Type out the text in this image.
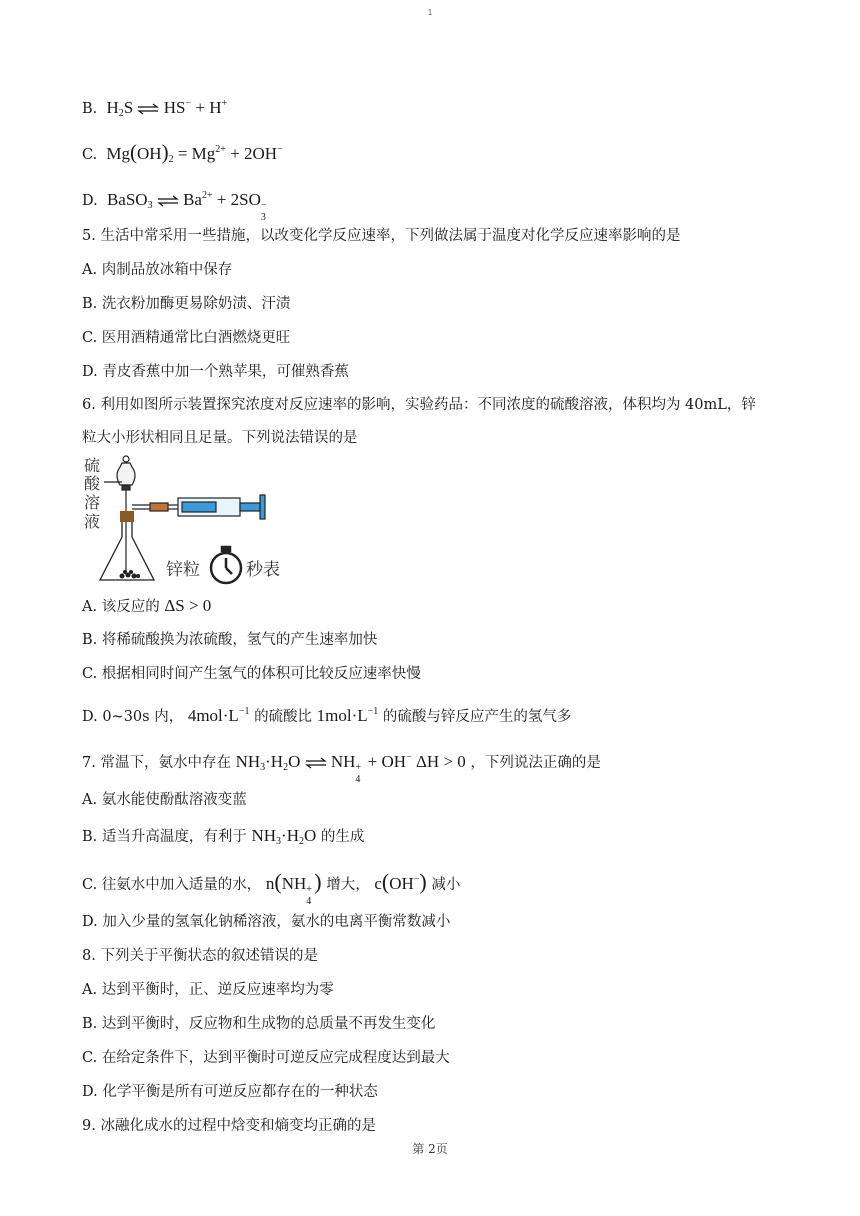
1
B. $H_2S$ ⇌ HS− + H+
C. $Mg(OH)_2 = Mg^{2+} + 2OH^-$
D. BaSO$_3$ ⇌ $Ba^{2+} + 2SO$ −
3
5. 生活中常采用一些措施，以改变化学反应速率，下列做法属于温度对化学反应速率影响的是
A. 肉制品放冰箱中保存
B. 洗衣粉加酶更易除奶渍、汗渍
C. 医用酒精通常比白酒燃烧更旺
D. 青皮香蕉中加一个熟苹果，可催熟香蕉
6. 利用如图所示装置探究浓度对反应速率的影响，实验药品：不同浓度的硫酸溶液，体积均为 40mL，锌
粒大小形状相同且足量。下列说法错误的是
硫
酸
溶
液
锌粒	秒表
A. 该反应的 ΔS > 0
B. 将稀硫酸换为浓硫酸，氢气的产生速率加快
C. 根据相同时间产生氢气的体积可比较反应速率快慢
D. 0~30s 内， $4mol\cdot L^{-1}$ 的硫酸比 $1mol\cdot L^{-1}$ 的硫酸与锌反应产生的氢气多
7. 常温下，氨水中存在 $NH_3\cdot H_2O$ ⇌ NH +
4
+ OH− ΔH > 0 ，下列说法正确的是
A. 氨水能使酚酞溶液变蓝
B. 适当升高温度，有利于 $NH_3\cdot H_2O$ 的生成
C. 往氨水中加入适量的水， n(NH +
4
) 增大， c(OH−) 减小
D. 加入少量的氢氧化钠稀溶液，氨水的电离平衡常数减小
8. 下列关于平衡状态的叙述错误的是
A. 达到平衡时，正、逆反应速率均为零
B. 达到平衡时，反应物和生成物的总质量不再发生变化
C. 在给定条件下，达到平衡时可逆反应完成程度达到最大
D. 化学平衡是所有可逆反应都存在的一种状态
9. 冰融化成水的过程中焓变和熵变均正确的是
第 2页
